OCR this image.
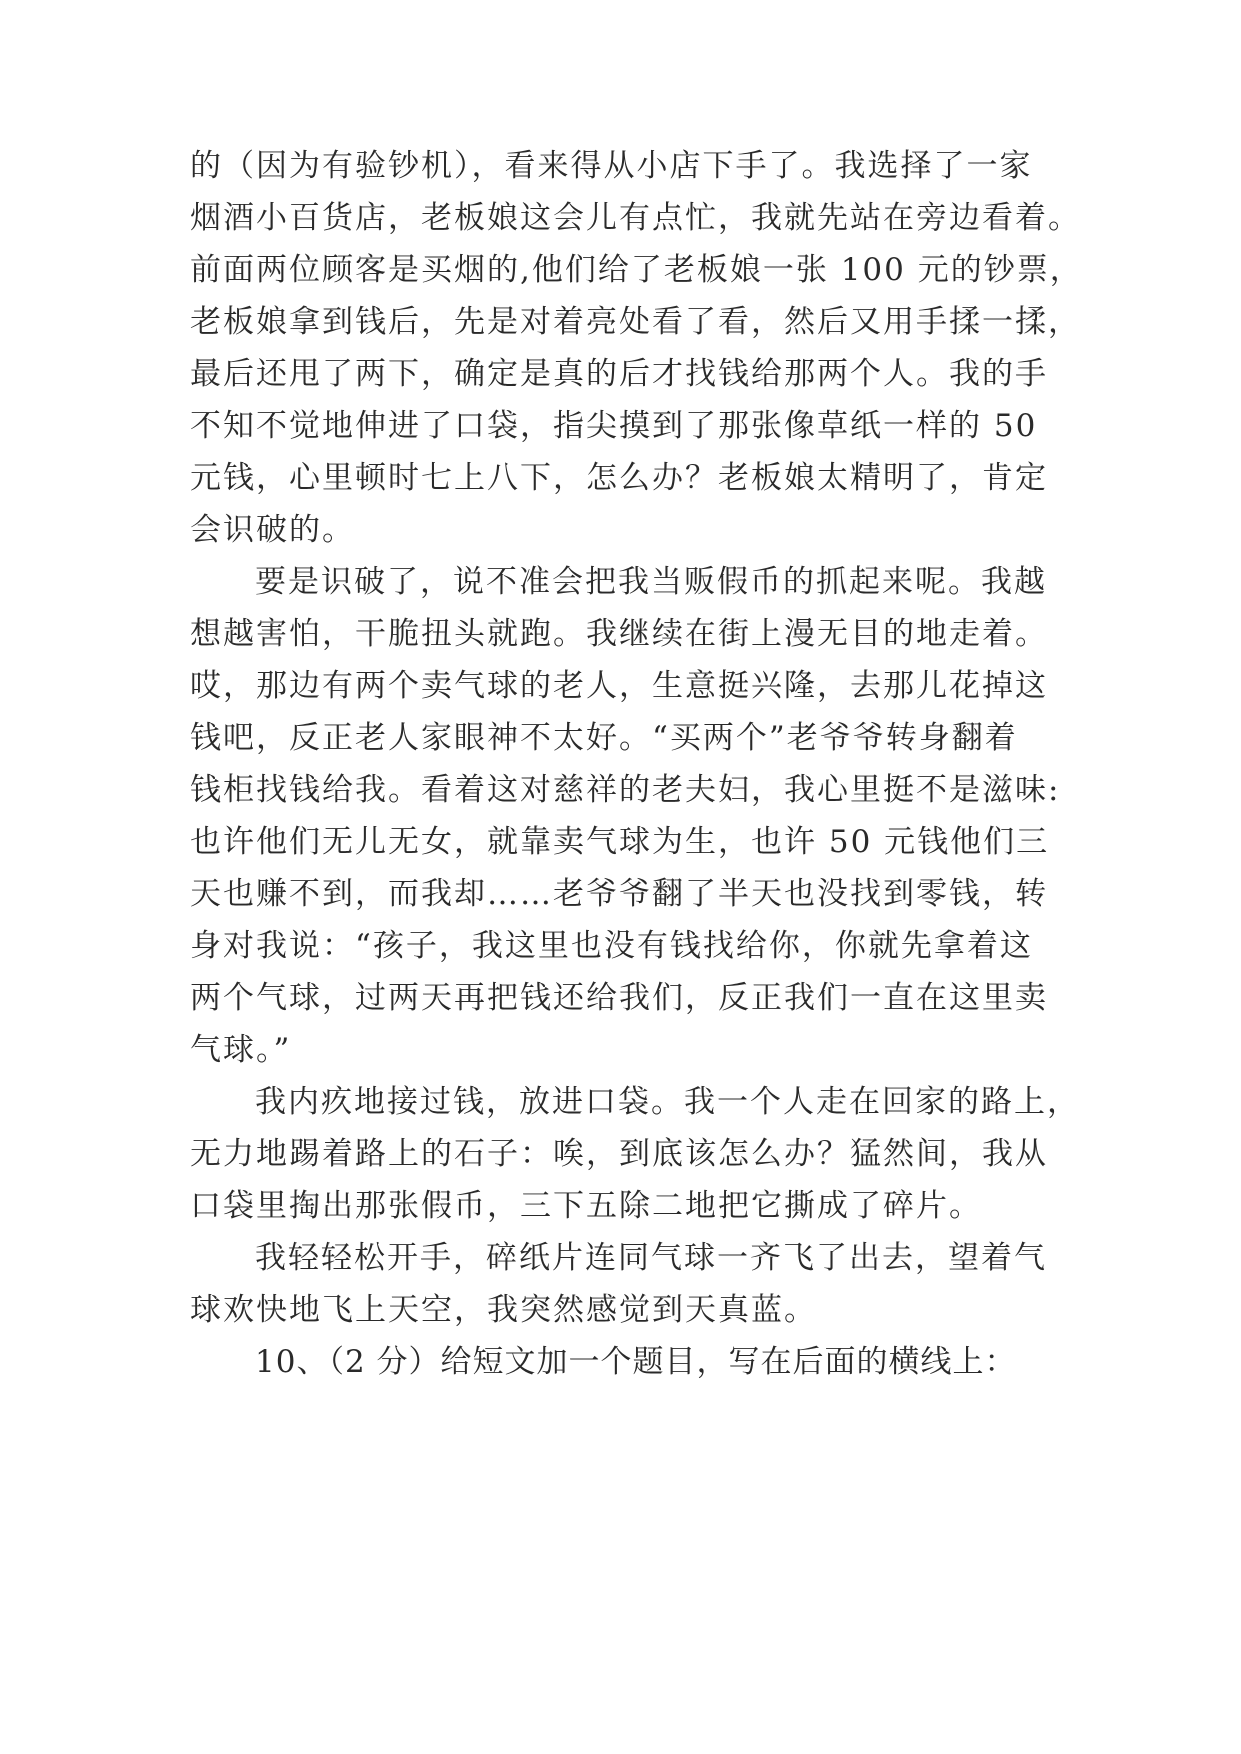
的（因为有验钞机），看来得从小店下手了。我选择了一家
烟酒小百货店，老板娘这会儿有点忙，我就先站在旁边看着。
前面两位顾客是买烟的,他们给了老板娘一张 100 元的钞票，
老板娘拿到钱后，先是对着亮处看了看，然后又用手揉一揉，
最后还甩了两下，确定是真的后才找钱给那两个人。我的手
不知不觉地伸进了口袋，指尖摸到了那张像草纸一样的 50
元钱，心里顿时七上八下，怎么办？老板娘太精明了，肯定
会识破的。
要是识破了，说不准会把我当贩假币的抓起来呢。我越
想越害怕，干脆扭头就跑。我继续在街上漫无目的地走着。
哎，那边有两个卖气球的老人，生意挺兴隆，去那儿花掉这
钱吧，反正老人家眼神不太好。“买两个”老爷爷转身翻着
钱柜找钱给我。看着这对慈祥的老夫妇，我心里挺不是滋味:
也许他们无儿无女，就靠卖气球为生，也许 50 元钱他们三
天也赚不到，而我却……老爷爷翻了半天也没找到零钱，转
身对我说：“孩子，我这里也没有钱找给你，你就先拿着这
两个气球，过两天再把钱还给我们，反正我们一直在这里卖
气球。”
我内疚地接过钱，放进口袋。我一个人走在回家的路上，
无力地踢着路上的石子：唉，到底该怎么办？猛然间，我从
口袋里掏出那张假币，三下五除二地把它撕成了碎片。
我轻轻松开手，碎纸片连同气球一齐飞了出去，望着气
球欢快地飞上天空，我突然感觉到天真蓝。
10、（2 分）给短文加一个题目，写在后面的横线上：
